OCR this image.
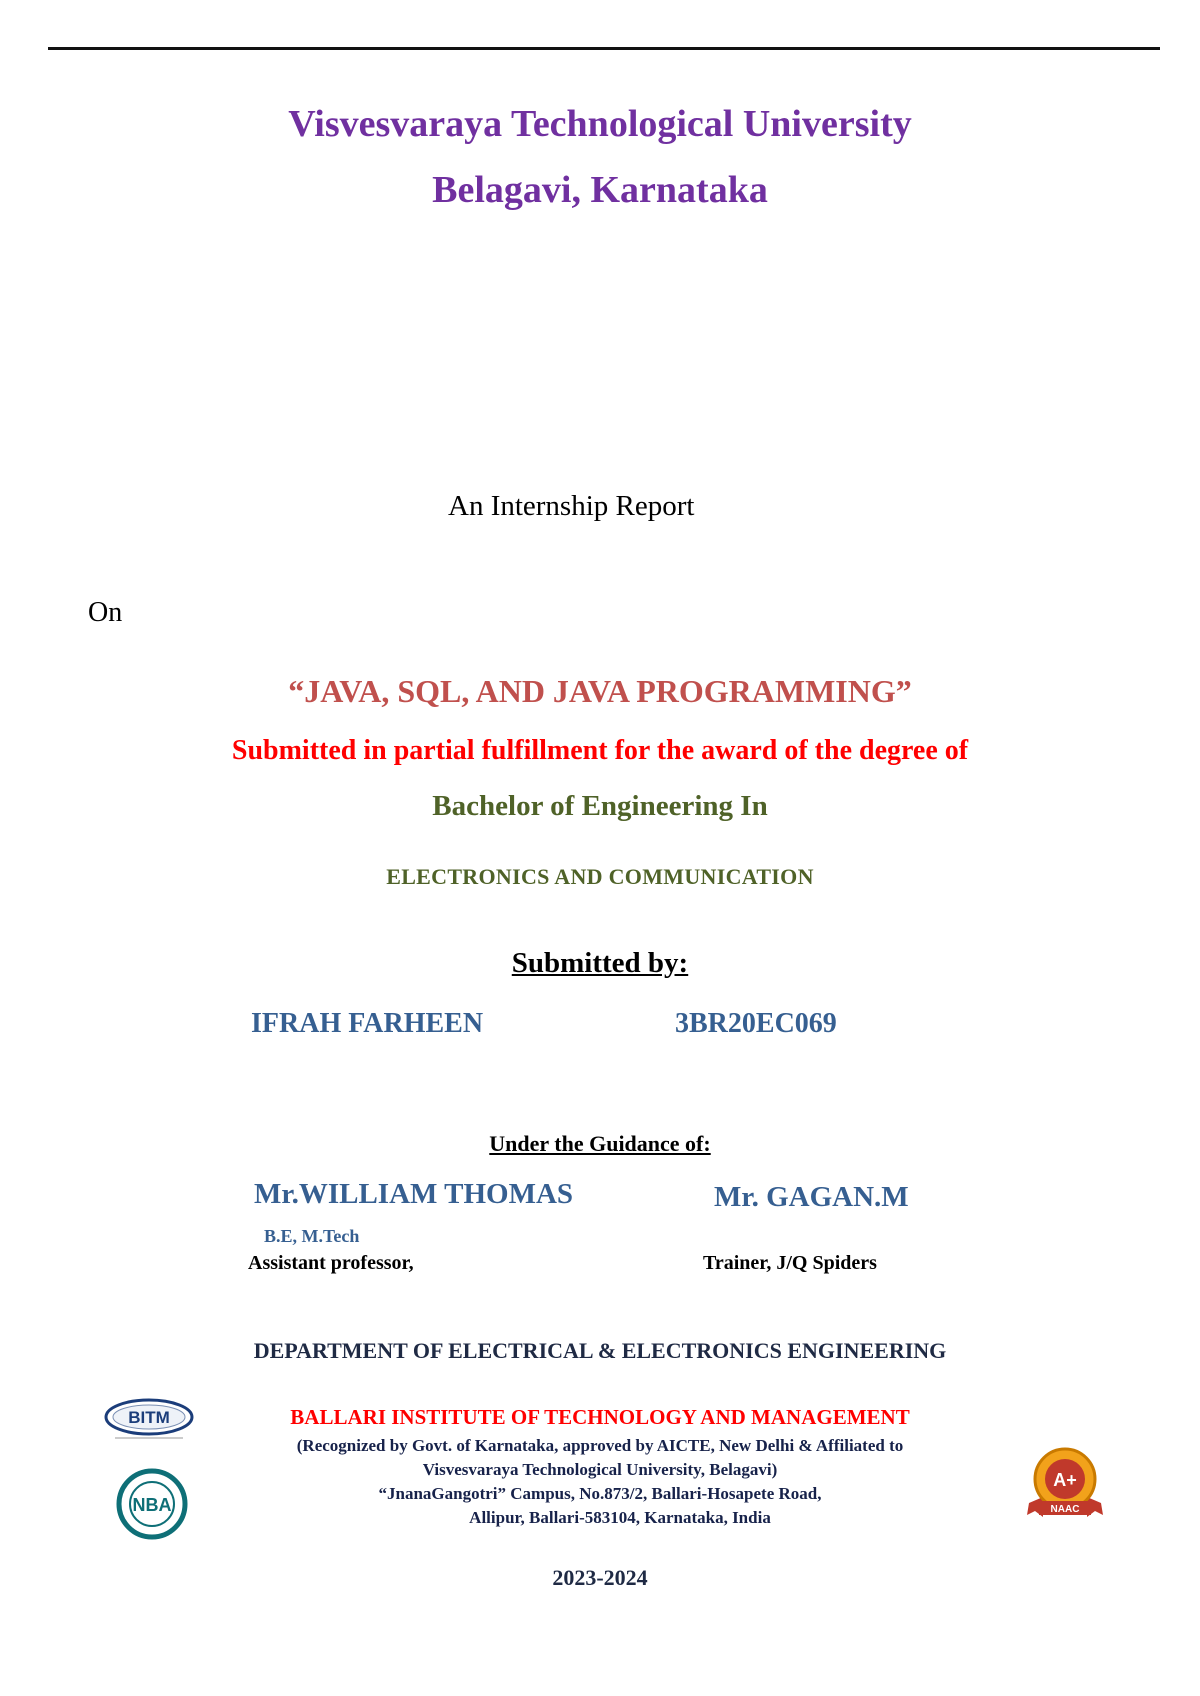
Visvesvaraya Technological University
Belagavi, Karnataka
An Internship Report
On
“JAVA, SQL, AND JAVA PROGRAMMING”
Submitted in partial fulfillment for the award of the degree of
Bachelor of Engineering In
ELECTRONICS AND COMMUNICATION
Submitted by:
IFRAH FARHEEN	3BR20EC069
Under the Guidance of:
Mr.WILLIAM THOMAS
B.E, M.Tech
Assistant professor,
Mr. GAGAN.M
Trainer, J/Q Spiders
DEPARTMENT OF ELECTRICAL & ELECTRONICS ENGINEERING
BITM
NBA
BALLARI INSTITUTE OF TECHNOLOGY AND MANAGEMENT
(Recognized by Govt. of Karnataka, approved by AICTE, New Delhi & Affiliated to
Visvesvaraya Technological University, Belagavi)
“JnanaGangotri” Campus, No.873/2, Ballari-Hosapete Road,
Allipur, Ballari-583104, Karnataka, India
A+
NAAC
2023-2024
